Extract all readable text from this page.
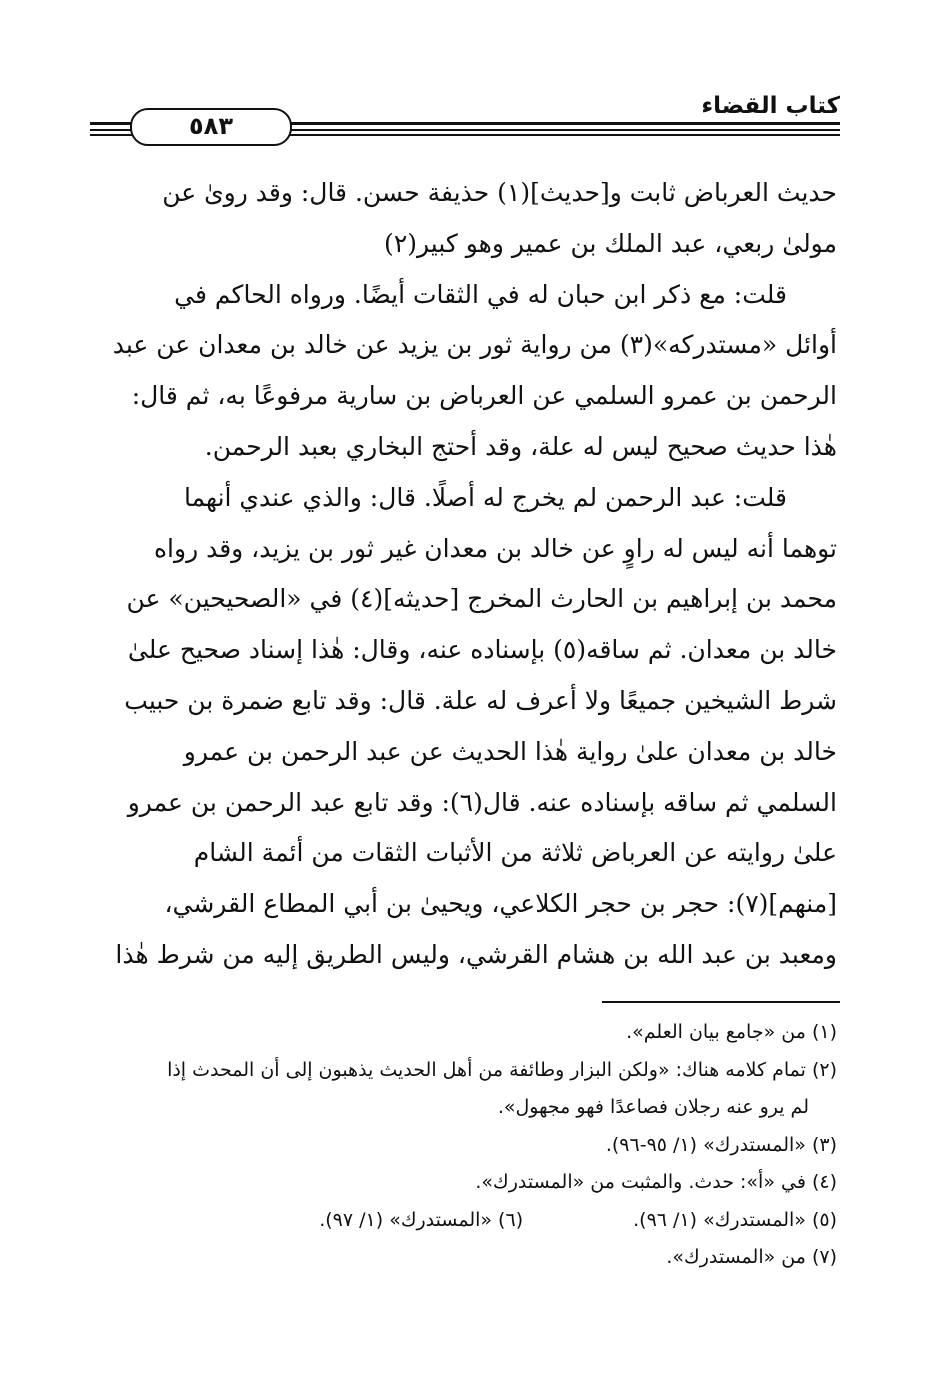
٥٨٣
كتاب القضاء
حديث العرباض ثابت و[حديث](١) حذيفة حسن. قال: وقد رویٰ عن
مولیٰ ربعي، عبد الملك بن عمير وهو كبير(٢)
قلت: مع ذكر ابن حبان له في الثقات أيضًا. ورواه الحاكم في
أوائل «مستدركه»(٣) من رواية ثور بن يزيد عن خالد بن معدان عن عبد
الرحمن بن عمرو السلمي عن العرباض بن سارية مرفوعًا به، ثم قال:
هٰذا حديث صحيح ليس له علة، وقد أحتج البخاري بعبد الرحمن.
قلت: عبد الرحمن لم يخرج له أصلًا. قال: والذي عندي أنهما
توهما أنه ليس له راوٍ عن خالد بن معدان غير ثور بن يزيد، وقد رواه
محمد بن إبراهيم بن الحارث المخرج [حديثه](٤) في «الصحيحين» عن
خالد بن معدان. ثم ساقه(٥) بإسناده عنه، وقال: هٰذا إسناد صحيح علىٰ
شرط الشيخين جميعًا ولا أعرف له علة. قال: وقد تابع ضمرة بن حبيب
خالد بن معدان علىٰ رواية هٰذا الحديث عن عبد الرحمن بن عمرو
السلمي ثم ساقه بإسناده عنه. قال(٦): وقد تابع عبد الرحمن بن عمرو
علىٰ روايته عن العرباض ثلاثة من الأثبات الثقات من أئمة الشام
[منهم](٧): حجر بن حجر الكلاعي، ويحيىٰ بن أبي المطاع القرشي،
ومعبد بن عبد الله بن هشام القرشي، وليس الطريق إليه من شرط هٰذا
(١) من «جامع بيان العلم».
(٢) تمام كلامه هناك: «ولكن البزار وطائفة من أهل الحديث يذهبون إلى أن المحدث إذا
لم يرو عنه رجلان فصاعدًا فهو مجهول».
(٣) «المستدرك» (١/ ٩٥-٩٦).
(٤) في «أ»: حدث. والمثبت من «المستدرك».
(٥) «المستدرك» (١/ ٩٦).(٦) «المستدرك» (١/ ٩٧).
(٧) من «المستدرك».
